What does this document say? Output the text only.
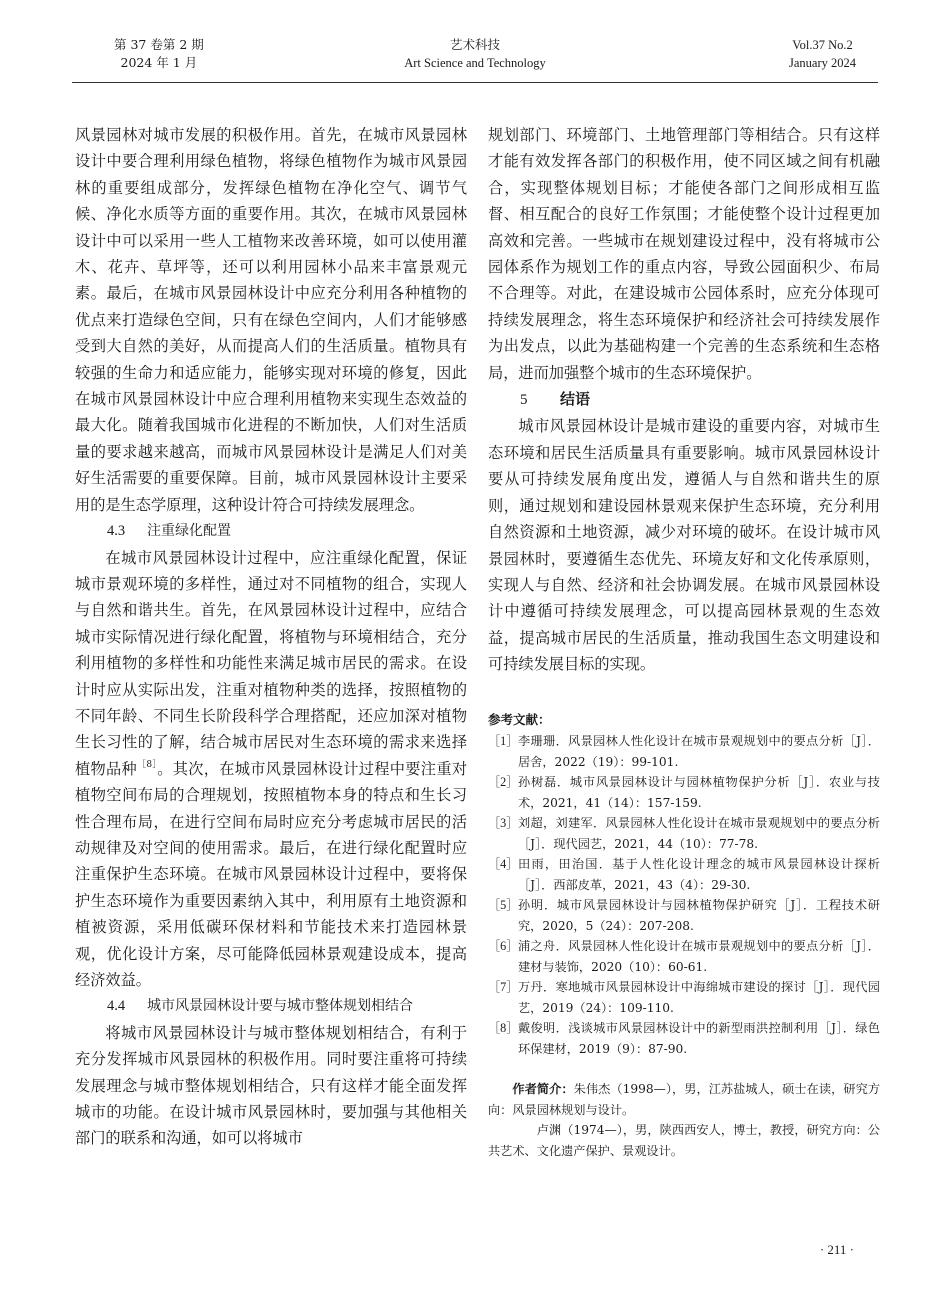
第 37 卷第 2 期
2024 年 1 月
艺术科技
Art Science and Technology
Vol.37 No.2
January 2024

风景园林对城市发展的积极作用。首先，在城市风景园林设计中要合理利用绿色植物，将绿色植物作为城市风景园林的重要组成部分，发挥绿色植物在净化空气、调节气候、净化水质等方面的重要作用。其次，在城市风景园林设计中可以采用一些人工植物来改善环境，如可以使用灌木、花卉、草坪等，还可以利用园林小品来丰富景观元素。最后，在城市风景园林设计中应充分利用各种植物的优点来打造绿色空间，只有在绿色空间内，人们才能够感受到大自然的美好，从而提高人们的生活质量。植物具有较强的生命力和适应能力，能够实现对环境的修复，因此在城市风景园林设计中应合理利用植物来实现生态效益的最大化。随着我国城市化进程的不断加快，人们对生活质量的要求越来越高，而城市风景园林设计是满足人们对美好生活需要的重要保障。目前，城市风景园林设计主要采用的是生态学原理，这种设计符合可持续发展理念。

4.3 注重绿化配置

在城市风景园林设计过程中，应注重绿化配置，保证城市景观环境的多样性，通过对不同植物的组合，实现人与自然和谐共生。首先，在风景园林设计过程中，应结合城市实际情况进行绿化配置，将植物与环境相结合，充分利用植物的多样性和功能性来满足城市居民的需求。在设计时应从实际出发，注重对植物种类的选择，按照植物的不同年龄、不同生长阶段科学合理搭配，还应加深对植物生长习性的了解，结合城市居民对生态环境的需求来选择植物品种$^{[8]}$。其次，在城市风景园林设计过程中要注重对植物空间布局的合理规划，按照植物本身的特点和生长习性合理布局，在进行空间布局时应充分考虑城市居民的活动规律及对空间的使用需求。最后，在进行绿化配置时应注重保护生态环境。在城市风景园林设计过程中，要将保护生态环境作为重要因素纳入其中，利用原有土地资源和植被资源，采用低碳环保材料和节能技术来打造园林景观，优化设计方案，尽可能降低园林景观建设成本，提高经济效益。

4.4 城市风景园林设计要与城市整体规划相结合

将城市风景园林设计与城市整体规划相结合，有利于充分发挥城市风景园林的积极作用。同时要注重将可持续发展理念与城市整体规划相结合，只有这样才能全面发挥城市的功能。在设计城市风景园林时，要加强与其他相关部门的联系和沟通，如可以将城市

规划部门、环境部门、土地管理部门等相结合。只有这样才能有效发挥各部门的积极作用，使不同区域之间有机融合，实现整体规划目标；才能使各部门之间形成相互监督、相互配合的良好工作氛围；才能使整个设计过程更加高效和完善。一些城市在规划建设过程中，没有将城市公园体系作为规划工作的重点内容，导致公园面积少、布局不合理等。对此，在建设城市公园体系时，应充分体现可持续发展理念，将生态环境保护和经济社会可持续发展作为出发点，以此为基础构建一个完善的生态系统和生态格局，进而加强整个城市的生态环境保护。

5 结语

城市风景园林设计是城市建设的重要内容，对城市生态环境和居民生活质量具有重要影响。城市风景园林设计要从可持续发展角度出发，遵循人与自然和谐共生的原则，通过规划和建设园林景观来保护生态环境，充分利用自然资源和土地资源，减少对环境的破坏。在设计城市风景园林时，要遵循生态优先、环境友好和文化传承原则，实现人与自然、经济和社会协调发展。在城市风景园林设计中遵循可持续发展理念，可以提高园林景观的生态效益，提高城市居民的生活质量，推动我国生态文明建设和可持续发展目标的实现。

参考文献：
［1］ 李珊珊．风景园林人性化设计在城市景观规划中的要点分析［J］．居舍，2022（19）：99-101.
［2］ 孙树磊．城市风景园林设计与园林植物保护分析［J］．农业与技术，2021，41（14）：157-159.
［3］ 刘超，刘建军．风景园林人性化设计在城市景观规划中的要点分析［J］．现代园艺，2021，44（10）：77-78.
［4］ 田雨，田治国．基于人性化设计理念的城市风景园林设计探析［J］．西部皮革，2021，43（4）：29-30.
［5］ 孙明．城市风景园林设计与园林植物保护研究［J］．工程技术研究，2020，5（24）：207-208.
［6］ 浦之舟．风景园林人性化设计在城市景观规划中的要点分析［J］．建材与装饰，2020（10）：60-61.
［7］ 万丹．寒地城市风景园林设计中海绵城市建设的探讨［J］．现代园艺，2019（24）：109-110.
［8］ 戴俊明．浅谈城市风景园林设计中的新型雨洪控制利用［J］．绿色环保建材，2019（9）：87-90.

作者简介：朱伟杰（1998—），男，江苏盐城人，硕士在读，研究方向：风景园林规划与设计。

卢渊（1974—），男，陕西西安人，博士，教授，研究方向：公共艺术、文化遗产保护、景观设计。

· 211 ·
